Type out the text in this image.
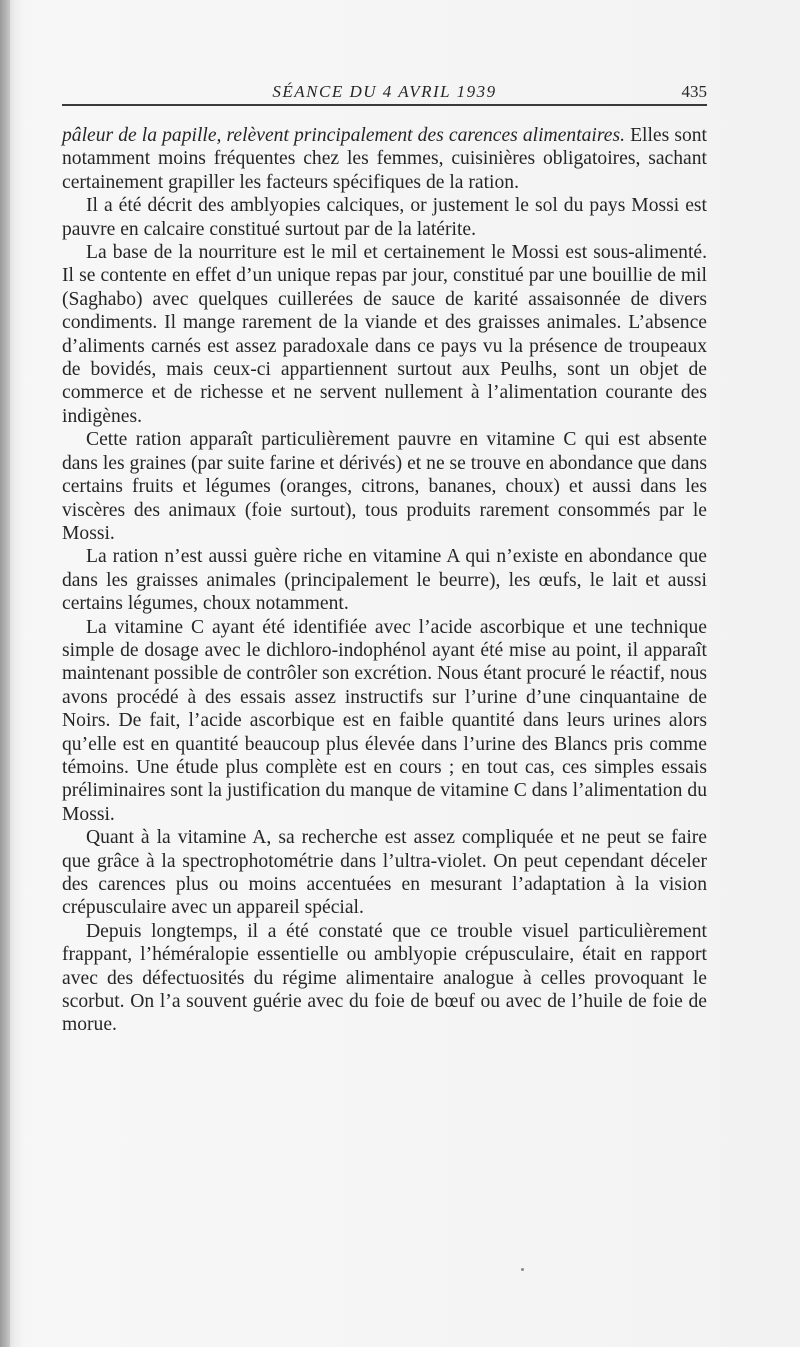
SÉANCE DU 4 AVRIL 1939	435

pâleur de la papille, relèvent principalement des carences alimentaires. Elles sont notamment moins fréquentes chez les femmes, cuisinières obligatoires, sachant certainement grapiller les facteurs spécifiques de la ration.

Il a été décrit des amblyopies calciques, or justement le sol du pays Mossi est pauvre en calcaire constitué surtout par de la latérite.

La base de la nourriture est le mil et certainement le Mossi est sous-alimenté. Il se contente en effet d’un unique repas par jour, constitué par une bouillie de mil (Saghabo) avec quelques cuillerées de sauce de karité assaisonnée de divers condiments. Il mange rarement de la viande et des graisses animales. L’absence d’aliments carnés est assez paradoxale dans ce pays vu la présence de troupeaux de bovidés, mais ceux-ci appartiennent surtout aux Peulhs, sont un objet de commerce et de richesse et ne servent nullement à l’alimentation courante des indigènes.

Cette ration apparaît particulièrement pauvre en vitamine C qui est absente dans les graines (par suite farine et dérivés) et ne se trouve en abondance que dans certains fruits et légumes (oranges, citrons, bananes, choux) et aussi dans les viscères des animaux (foie surtout), tous produits rarement consommés par le Mossi.

La ration n’est aussi guère riche en vitamine A qui n’existe en abondance que dans les graisses animales (principalement le beurre), les œufs, le lait et aussi certains légumes, choux notamment.

La vitamine C ayant été identifiée avec l’acide ascorbique et une technique simple de dosage avec le dichloro-indophénol ayant été mise au point, il apparaît maintenant possible de contrôler son excrétion. Nous étant procuré le réactif, nous avons procédé à des essais assez instructifs sur l’urine d’une cinquantaine de Noirs. De fait, l’acide ascorbique est en faible quantité dans leurs urines alors qu’elle est en quantité beaucoup plus élevée dans l’urine des Blancs pris comme témoins. Une étude plus complète est en cours ; en tout cas, ces simples essais préliminaires sont la justification du manque de vitamine C dans l’alimentation du Mossi.

Quant à la vitamine A, sa recherche est assez compliquée et ne peut se faire que grâce à la spectrophotométrie dans l’ultra-violet. On peut cependant déceler des carences plus ou moins accentuées en mesurant l’adaptation à la vision crépusculaire avec un appareil spécial.

Depuis longtemps, il a été constaté que ce trouble visuel particulièrement frappant, l’héméralopie essentielle ou amblyopie crépusculaire, était en rapport avec des défectuosités du régime alimentaire analogue à celles provoquant le scorbut. On l’a souvent guérie avec du foie de bœuf ou avec de l’huile de foie de morue.
